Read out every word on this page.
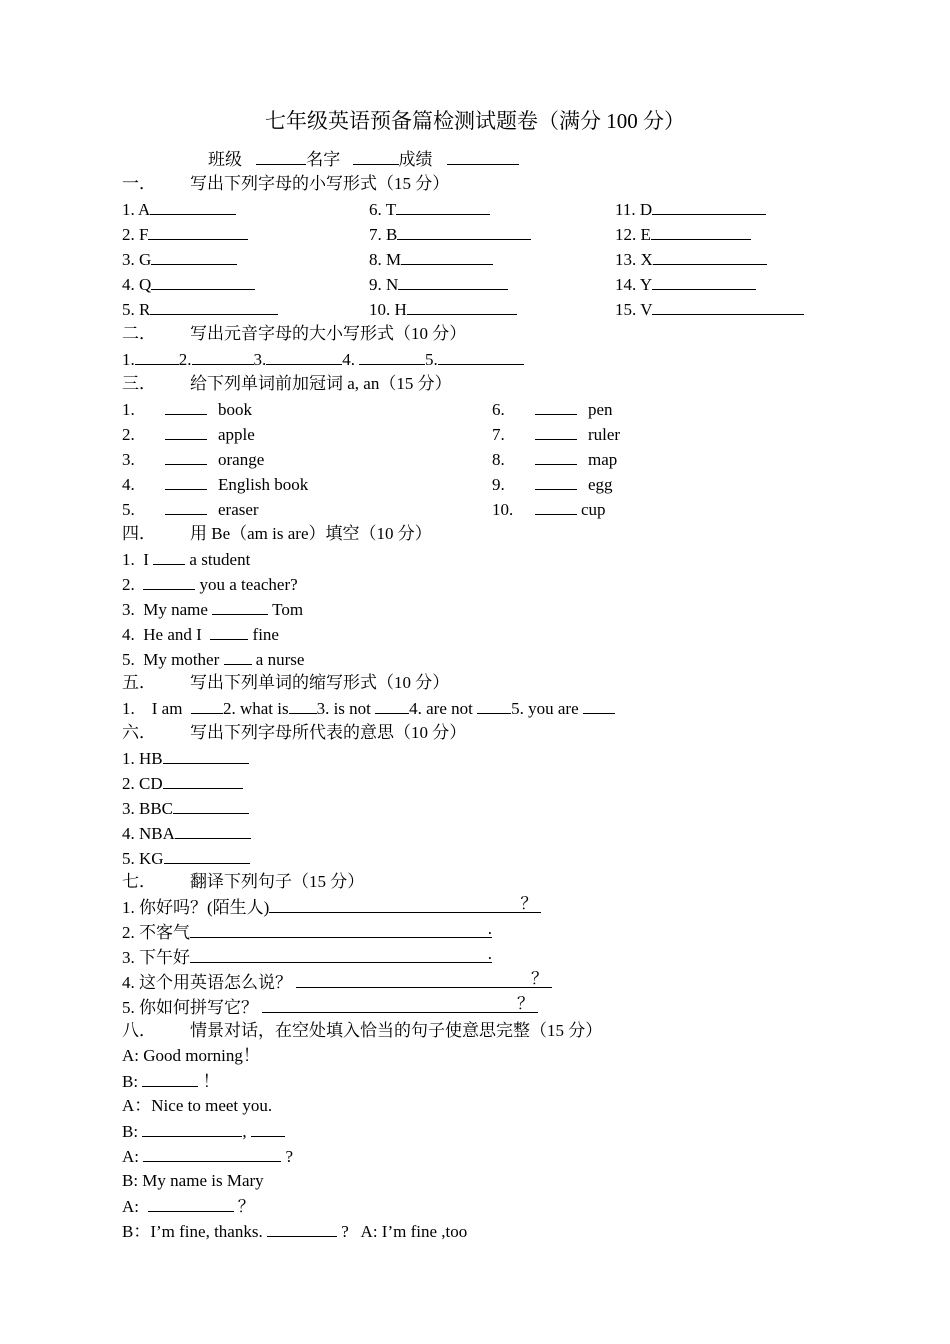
七年级英语预备篇检测试题卷（满分 100 分）
班级	名字	成绩
一． 写出下列字母的小写形式（15 分）
1. A
2. F
3. G
4. Q
5. R
6. T
7. B
8. M
9. N
10. H
11. D
12. E
13. X
14. Y
15. V
二． 写出元音字母的大小写形式（10 分）
1.	2.	3.	4.	5.
三． 给下列单词前加冠词 a, an（15 分）
1.	book
2.	apple
3.	orange
4.	English book
5.	eraser
6.	pen
7.	ruler
8.	map
9.	egg
10.	cup
四． 用 Be（am is are）填空（10 分）
1.  I  a student
2.	you a teacher?
3.  My name	Tom
4.  He and I   fine
5.  My mother  a nurse
五． 写出下列单词的缩写形式（10 分）
1.    I am  2. what is 3. is not 4. are not 5. you are
六． 写出下列字母所代表的意思（10 分）
1. HB
2. CD
3. BBC
4. NBA
5. KG
七． 翻译下列句子（15 分）
1. 你好吗？(陌生人)	？
2. 不客气	.
3. 下午好	.
4. 这个用英语怎么说？	？
5. 你如何拼写它？	？
八． 情景对话，在空处填入恰当的句子使意思完整（15 分）
A: Good morning！
B:	！
A：Nice to meet you.
B:	,
A:	?
B: My name is Mary
A:	？
B：I’m fine, thanks.	?   A: I’m fine ,too
